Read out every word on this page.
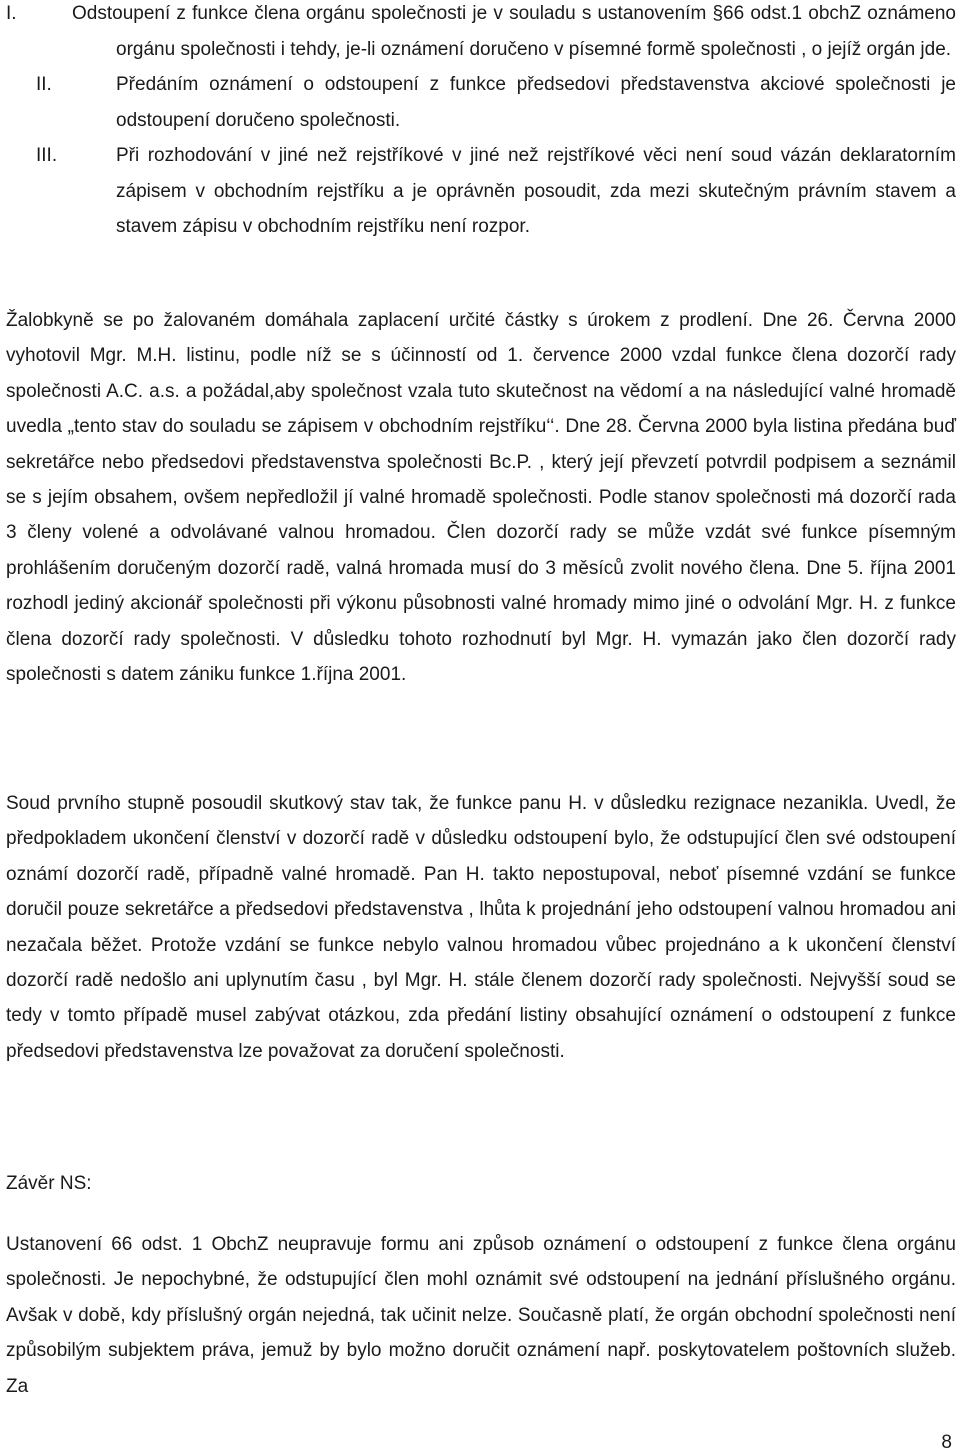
I.	Odstoupení z funkce člena orgánu společnosti je v souladu s ustanovením §66 odst.1 obchZ oznámeno orgánu společnosti i tehdy, je-li oznámení doručeno v písemné formě společnosti , o jejíž orgán jde.
II.	Předáním oznámení o odstoupení z funkce předsedovi představenstva akciové společnosti je odstoupení doručeno společnosti.
III.	Při rozhodování v jiné než rejstříkové v jiné než rejstříkové věci není soud vázán deklaratorním zápisem v obchodním rejstříku a je oprávněn posoudit, zda mezi skutečným právním stavem a stavem zápisu v obchodním rejstříku není rozpor.

Žalobkyně se po žalovaném domáhala zaplacení určité částky s úrokem z prodlení. Dne 26. Června 2000 vyhotovil Mgr. M.H. listinu, podle níž se s účinností od 1. července 2000 vzdal funkce člena dozorčí rady společnosti A.C. a.s. a požádal,aby společnost vzala tuto skutečnost na vědomí a na následující valné hromadě uvedla „tento stav do souladu se zápisem v obchodním rejstříku‘‘. Dne 28. Června 2000 byla listina předána buď sekretářce nebo předsedovi představenstva společnosti Bc.P. , který její převzetí potvrdil podpisem a seznámil se s jejím obsahem, ovšem nepředložil jí valné hromadě společnosti. Podle stanov společnosti má dozorčí rada 3 členy volené a odvolávané valnou hromadou. Člen dozorčí rady se může vzdát své funkce písemným prohlášením doručeným dozorčí radě, valná hromada musí do 3 měsíců zvolit nového člena. Dne 5. října 2001 rozhodl jediný akcionář společnosti při výkonu působnosti valné hromady mimo jiné o odvolání Mgr. H. z funkce člena dozorčí rady společnosti. V důsledku tohoto rozhodnutí byl Mgr. H. vymazán jako člen dozorčí rady společnosti s datem zániku funkce 1.října 2001.

Soud prvního stupně posoudil skutkový stav tak, že funkce panu H. v důsledku rezignace nezanikla. Uvedl, že předpokladem ukončení členství v dozorčí radě v důsledku odstoupení bylo, že odstupující člen své odstoupení oznámí dozorčí radě, případně valné hromadě. Pan H. takto nepostupoval, neboť písemné vzdání se funkce doručil pouze sekretářce a předsedovi představenstva , lhůta k projednání jeho odstoupení valnou hromadou ani nezačala běžet. Protože vzdání se funkce nebylo valnou hromadou vůbec projednáno a k ukončení členství dozorčí radě nedošlo ani uplynutím času , byl Mgr. H. stále členem dozorčí rady společnosti. Nejvyšší soud se tedy v tomto případě musel zabývat otázkou, zda předání listiny obsahující oznámení o odstoupení z funkce předsedovi představenstva lze považovat za doručení společnosti.

Závěr NS:

Ustanovení 66 odst. 1 ObchZ neupravuje formu ani způsob oznámení o odstoupení z funkce člena orgánu společnosti. Je nepochybné, že odstupující člen mohl oznámit své odstoupení na jednání příslušného orgánu. Avšak v době, kdy příslušný orgán nejedná, tak učinit nelze. Současně platí, že orgán obchodní společnosti není způsobilým subjektem práva, jemuž by bylo možno doručit oznámení např. poskytovatelem poštovních služeb. Za

8
